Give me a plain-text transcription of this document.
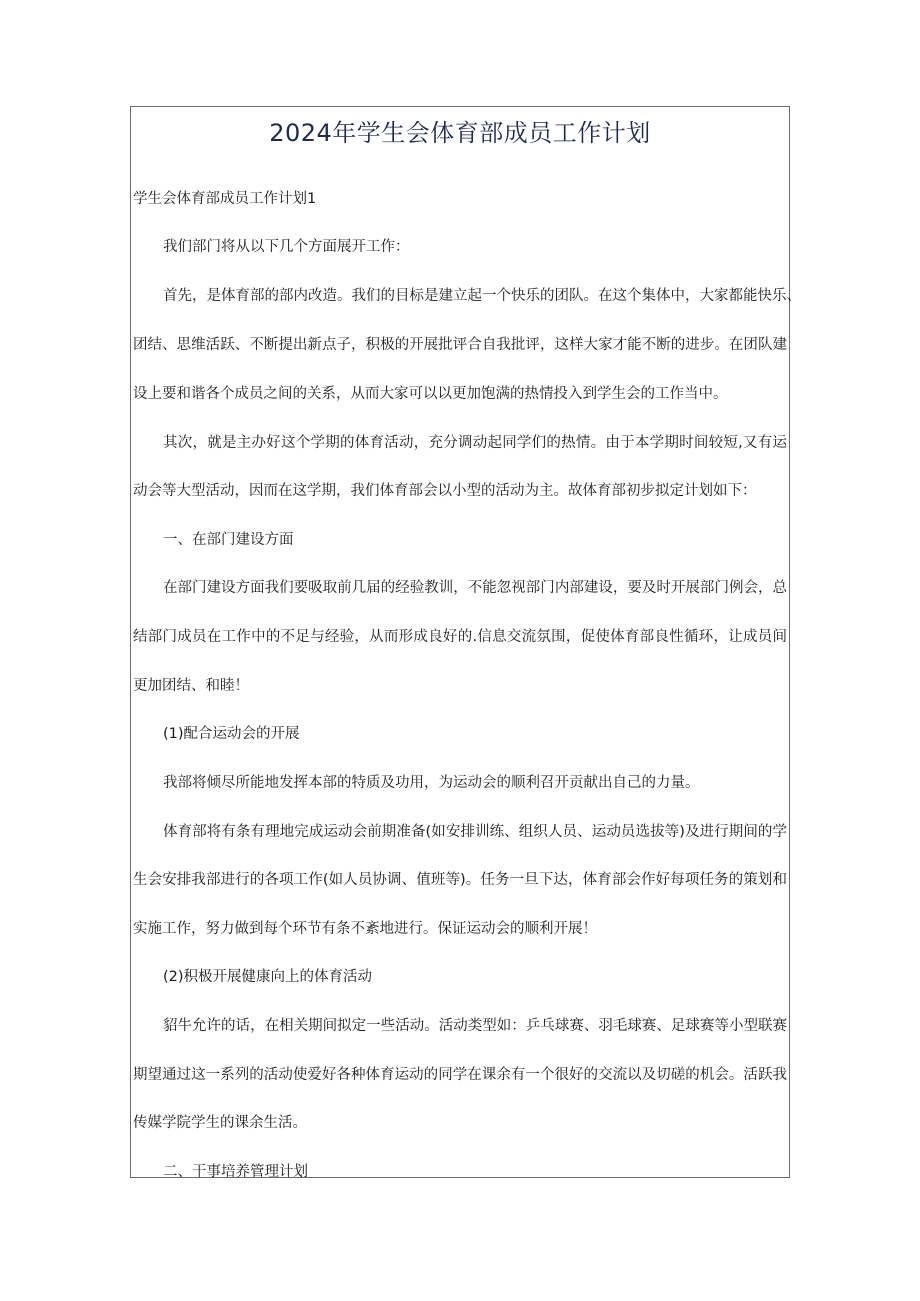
2024年学生会体育部成员工作计划

学生会体育部成员工作计划1

我们部门将从以下几个方面展开工作：

首先，是体育部的部内改造。我们的目标是建立起一个快乐的团队。在这个集体中，大家都能快乐、

团结、思维活跃、不断提出新点子，积极的开展批评合自我批评，这样大家才能不断的进步。在团队建

设上要和谐各个成员之间的关系，从而大家可以以更加饱满的热情投入到学生会的工作当中。

其次，就是主办好这个学期的体育活动，充分调动起同学们的热情。由于本学期时间较短,又有运

动会等大型活动，因而在这学期，我们体育部会以小型的活动为主。故体育部初步拟定计划如下：

一、在部门建设方面

在部门建设方面我们要吸取前几届的经验教训，不能忽视部门内部建设，要及时开展部门例会，总

结部门成员在工作中的不足与经验，从而形成良好的.信息交流氛围，促使体育部良性循环，让成员间

更加团结、和睦！

(1)配合运动会的开展

我部将倾尽所能地发挥本部的特质及功用，为运动会的顺利召开贡献出自己的力量。

体育部将有条有理地完成运动会前期准备(如安排训练、组织人员、运动员选拔等)及进行期间的学

生会安排我部进行的各项工作(如人员协调、值班等)。任务一旦下达，体育部会作好每项任务的策划和

实施工作，努力做到每个环节有条不紊地进行。保证运动会的顺利开展！

(2)积极开展健康向上的体育活动

貂牛允许的话，在相关期间拟定一些活动。活动类型如：乒乓球赛、羽毛球赛、足球赛等小型联赛

期望通过这一系列的活动使爱好各种体育运动的同学在课余有一个很好的交流以及切磋的机会。活跃我

传媒学院学生的课余生活。

二、干事培养管理计划
